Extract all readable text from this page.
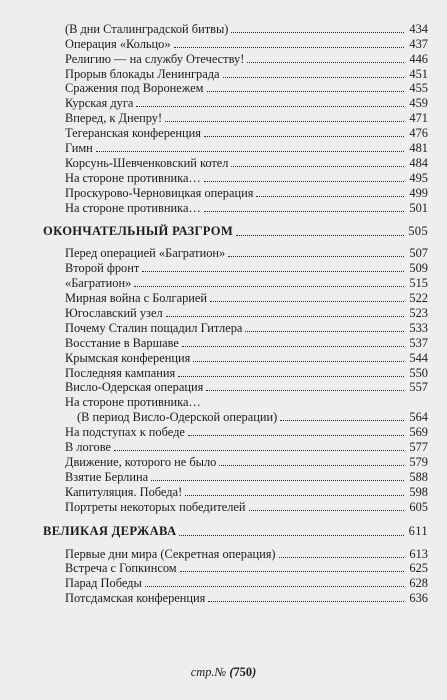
(В дни Сталинградской битвы)	434
Операция «Кольцо»	437
Религию — на службу Отечеству!	446
Прорыв блокады Ленинграда	451
Сражения под Воронежем	455
Курская дуга	459
Вперед, к Днепру!	471
Тегеранская конференция	476
Гимн	481
Корсунь-Шевченковский котел	484
На стороне противника…	495
Проскурово-Черновицкая операция	499
На стороне противника…	501
ОКОНЧАТЕЛЬНЫЙ РАЗГРОМ	505
Перед операцией «Багратион»	507
Второй фронт	509
«Багратион»	515
Мирная война с Болгарией	522
Югославский узел	523
Почему Сталин пощадил Гитлера	533
Восстание в Варшаве	537
Крымская конференция	544
Последняя кампания	550
Висло-Одерская операция	557
На стороне противника…
(В период Висло-Одерской операции)	564
На подступах к победе	569
В логове	577
Движение, которого не было	579
Взятие Берлина	588
Капитуляция. Победа!	598
Портреты некоторых победителей	605
ВЕЛИКАЯ ДЕРЖАВА	611
Первые дни мира (Секретная операция)	613
Встреча с Гопкинсом	625
Парад Победы	628
Потсдамская конференция	636
стр.№ (750)
